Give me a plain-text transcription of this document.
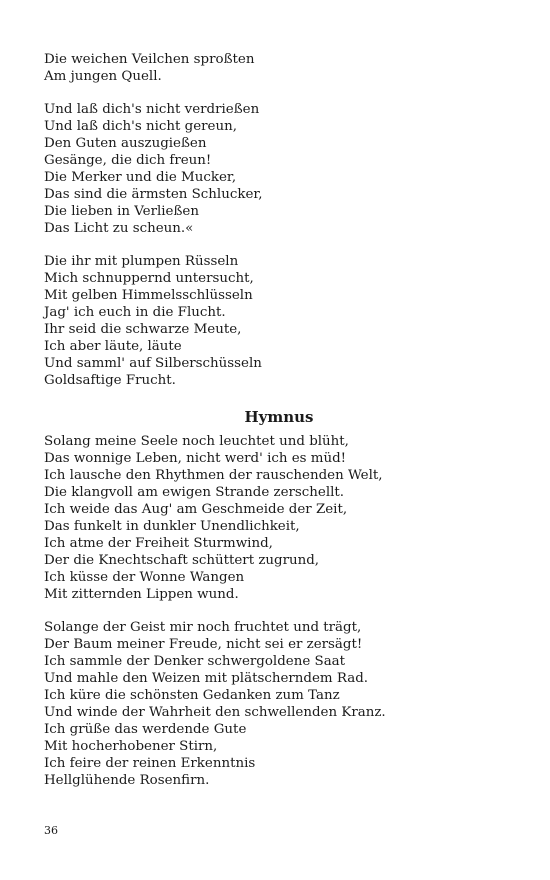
Die weichen Veilchen sproßten
Am jungen Quell.
Und laß dich's nicht verdrießen
Und laß dich's nicht gereun,
Den Guten auszugießen
Gesänge, die dich freun!
Die Merker und die Mucker,
Das sind die ärmsten Schlucker,
Die lieben in Verließen
Das Licht zu scheun.«
Die ihr mit plumpen Rüsseln
Mich schnuppernd untersucht,
Mit gelben Himmelsschlüsseln
Jag' ich euch in die Flucht.
Ihr seid die schwarze Meute,
Ich aber läute, läute
Und samml' auf Silberschüsseln
Goldsaftige Frucht.
Hymnus
Solang meine Seele noch leuchtet und blüht,
Das wonnige Leben, nicht werd' ich es müd!
Ich lausche den Rhythmen der rauschenden Welt,
Die klangvoll am ewigen Strande zerschellt.
Ich weide das Aug' am Geschmeide der Zeit,
Das funkelt in dunkler Unendlichkeit,
Ich atme der Freiheit Sturmwind,
Der die Knechtschaft schüttert zugrund,
Ich küsse der Wonne Wangen
Mit zitternden Lippen wund.
Solange der Geist mir noch fruchtet und trägt,
Der Baum meiner Freude, nicht sei er zersägt!
Ich sammle der Denker schwergoldene Saat
Und mahle den Weizen mit plätscherndem Rad.
Ich küre die schönsten Gedanken zum Tanz
Und winde der Wahrheit den schwellenden Kranz.
Ich grüße das werdende Gute
Mit hocherhobener Stirn,
Ich feire der reinen Erkenntnis
Hellglühende Rosenfirn.
36
